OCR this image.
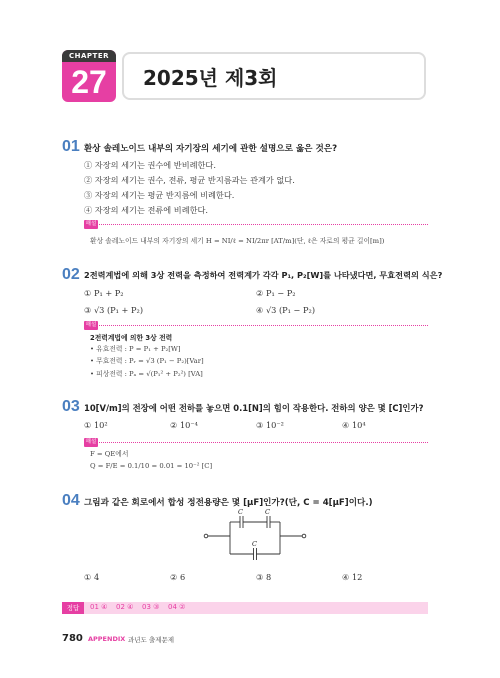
CHAPTER
27	2025년 제3회
01 환상 솔레노이드 내부의 자기장의 세기에 관한 설명으로 옳은 것은?
① 자장의 세기는 권수에 반비례한다.
② 자장의 세기는 권수, 전류, 평균 반지름과는 관계가 없다.
③ 자장의 세기는 평균 반지름에 비례한다.
④ 자장의 세기는 전류에 비례한다.
해설
환상 솔레노이드 내부의 자기장의 세기 H = NI/ℓ = NI/2πr [AT/m](단, ℓ은 자로의 평균 길이[m])
02 2전력계법에 의해 3상 전력을 측정하여 전력계가 각각 P₁, P₂[W]를 나타냈다면, 무효전력의 식은?
① P₁ + P₂	② P₁ − P₂
③ √3 (P₁ + P₂)	④ √3 (P₁ − P₂)
해설
2전력계법에 의한 3상 전력
• 유효전력 : P = P₁ + P₂[W]
• 무효전력 : Pᵣ = √3 (P₁ − P₂)[Var]
• 피상전력 : Pₐ = √(P₁² + P₂²) [VA]
03 10[V/m]의 전장에 어떤 전하를 놓으면 0.1[N]의 힘이 작용한다. 전하의 양은 몇 [C]인가?
① 10²	② 10⁻⁴	③ 10⁻²	④ 10⁴
해설
F = QE에서
Q = F/E = 0.1/10 = 0.01 = 10⁻² [C]
04 그림과 같은 회로에서 합성 정전용량은 몇 [μF]인가?(단, C = 4[μF]이다.)
C	C
C
① 4	② 6	③ 8	④ 12
정답	01 ④ 02 ④ 03 ③ 04 ②
780 APPENDIX 과년도 출제문제
